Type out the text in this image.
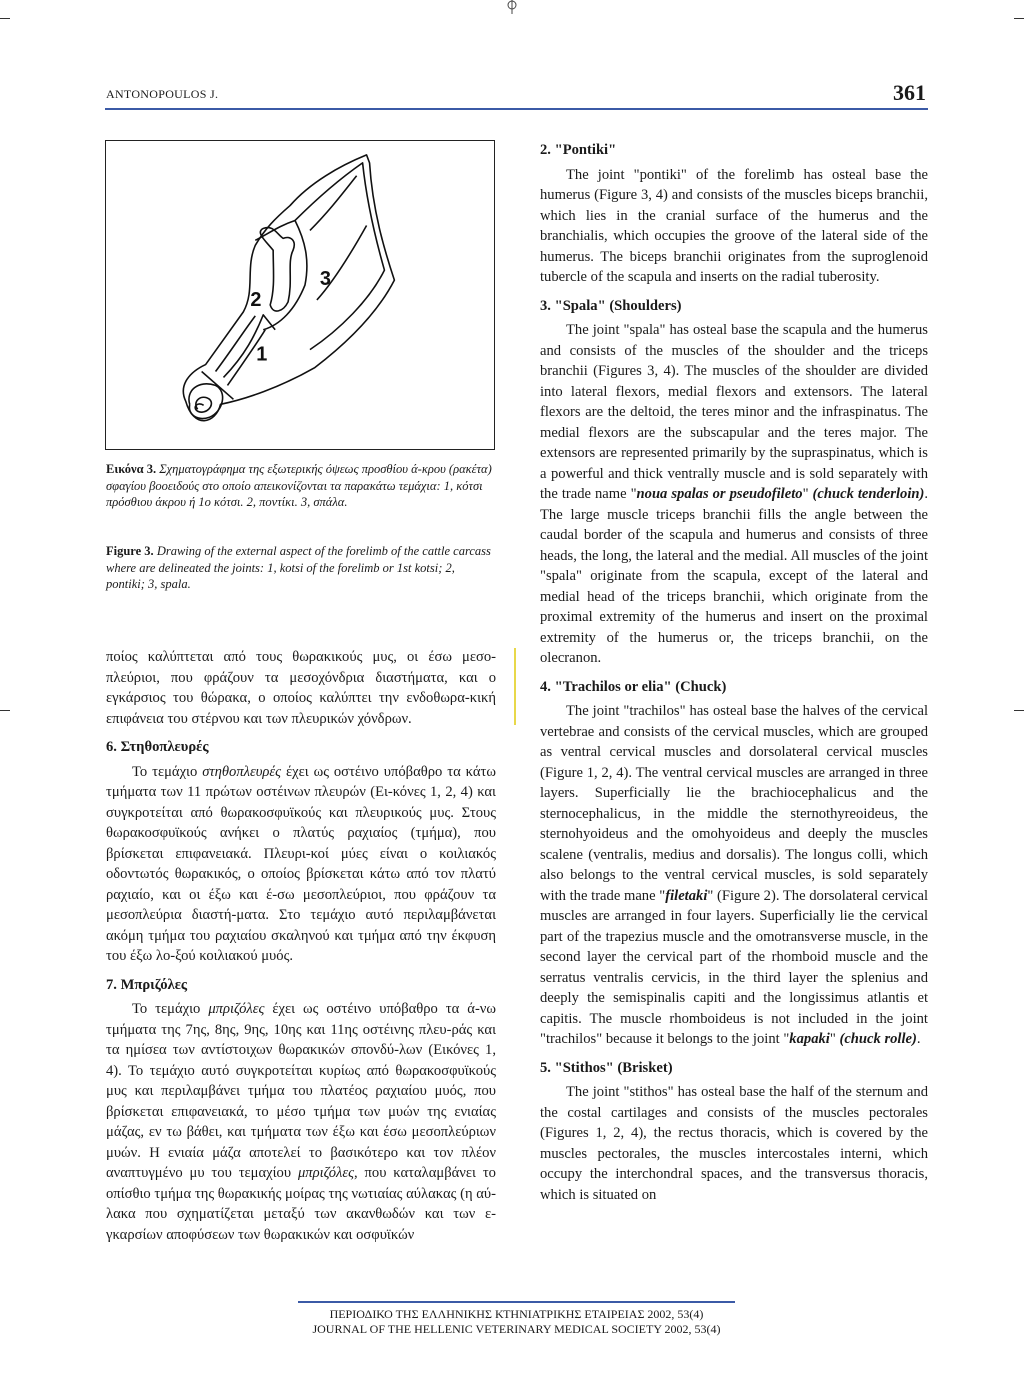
ANTONOPOULOS J.	361
1
2
3
Εικόνα 3. Σχηματογράφημα της εξωτερικής όψεως προσθίου ά-κρου (ρακέτα) σφαγίου βοοειδούς στο οποίο απεικονίζονται τα παρακάτω τεμάχια: 1, κότσι πρόσθιου άκρου ή 1ο κότσι. 2, ποντίκι. 3, σπάλα.
Figure 3. Drawing of the external aspect of the forelimb of the cattle carcass where are delineated the joints: 1, kotsi of the forelimb or 1st kotsi; 2, pontiki; 3, spala.

ποίος καλύπτεται από τους θωρακικούς μυς, οι έσω μεσο-πλεύριοι, που φράζουν τα μεσοχόνδρια διαστήματα, και ο εγκάρσιος του θώρακα, ο οποίος καλύπτει την ενδοθωρα-κική επιφάνεια του στέρνου και των πλευρικών χόνδρων.

6. Στηθοπλευρές

Το τεμάχιο στηθοπλευρές έχει ως οστέινο υπόβαθρο τα κάτω τμήματα των 11 πρώτων οστέινων πλευρών (Ει-κόνες 1, 2, 4) και συγκροτείται από θωρακοσφυϊκούς και πλευρικούς μυς. Στους θωρακοσφυϊκούς ανήκει ο πλατύς ραχιαίος (τμήμα), που βρίσκεται επιφανειακά. Πλευρι-κοί μύες είναι ο κοιλιακός οδοντωτός θωρακικός, ο οποίος βρίσκεται κάτω από τον πλατύ ραχιαίο, και οι έξω και έ-σω μεσοπλεύριοι, που φράζουν τα μεσοπλεύρια διαστή-ματα. Στο τεμάχιο αυτό περιλαμβάνεται ακόμη τμήμα του ραχιαίου σκαληνού και τμήμα από την έκφυση του έξω λο-ξού κοιλιακού μυός.

7. Μπριζόλες

Το τεμάχιο μπριζόλες έχει ως οστέινο υπόβαθρο τα ά-νω τμήματα της 7ης, 8ης, 9ης, 10ης και 11ης οστέινης πλευ-ράς και τα ημίσεα των αντίστοιχων θωρακικών σπονδύ-λων (Εικόνες 1, 4). Το τεμάχιο αυτό συγκροτείται κυρίως από θωρακοσφυϊκούς μυς και περιλαμβάνει τμήμα του πλατέος ραχιαίου μυός, που βρίσκεται επιφανειακά, το μέσο τμήμα των μυών της ενιαίας μάζας, εν τω βάθει, και τμήματα των έξω και έσω μεσοπλεύριων μυών. Η ενιαία μάζα αποτελεί το βασικότερο και τον πλέον αναπτυγμένο μυ του τεμαχίου μπριζόλες, που καταλαμβάνει το οπίσθιο τμήμα της θωρακικής μοίρας της νωτιαίας αύλακας (η αύ-λακα που σχηματίζεται μεταξύ των ακανθωδών και των ε-γκαρσίων αποφύσεων των θωρακικών και οσφυϊκών

2. "Pontiki"

The joint "pontiki" of the forelimb has osteal base the humerus (Figure 3, 4) and consists of the muscles biceps branchii, which lies in the cranial surface of the humerus and the branchialis, which occupies the groove of the lateral side of the humerus. The biceps branchii originates from the suproglenoid tubercle of the scapula and inserts on the radial tuberosity.

3. "Spala" (Shoulders)

The joint "spala" has osteal base the scapula and the humerus and consists of the muscles of the shoulder and the triceps branchii (Figures 3, 4). The muscles of the shoulder are divided into lateral flexors, medial flexors and extensors. The lateral flexors are the deltoid, the teres minor and the infraspinatus. The medial flexors are the subscapular and the teres major. The extensors are represented primarily by the supraspinatus, which is a powerful and thick ventrally muscle and is sold separately with the trade name "noua spalas or pseudofileto" (chuck tenderloin). The large muscle triceps branchii fills the angle between the caudal border of the scapula and humerus and consists of three heads, the long, the lateral and the medial. All muscles of the joint "spala" originate from the scapula, except of the lateral and medial head of the triceps branchii, which originate from the proximal extremity of the humerus and insert on the proximal extremity of the humerus or, the triceps branchii, on the olecranon.

4. "Trachilos or elia" (Chuck)

The joint "trachilos" has osteal base the halves of the cervical vertebrae and consists of the cervical muscles, which are grouped as ventral cervical muscles and dorsolateral cervical muscles (Figure 1, 2, 4). The ventral cervical muscles are arranged in three layers. Superficially lie the brachiocephalicus and the sternocephalicus, in the middle the sternothyreoideus, the sternohyoideus and the omohyoideus and deeply the muscles scalene (ventralis, medius and dorsalis). The longus colli, which also belongs to the ventral cervical muscles, is sold separately with the trade mane "filetaki" (Figure 2). The dorsolateral cervical muscles are arranged in four layers. Superficially lie the cervical part of the trapezius muscle and the omotransverse muscle, in the second layer the cervical part of the rhomboid muscle and the serratus ventralis cervicis, in the third layer the splenius and deeply the semispinalis capiti and the longissimus atlantis et capitis. The muscle rhomboideus is not included in the joint "trachilos" because it belongs to the joint "kapaki" (chuck rolle).

5. "Stithos" (Brisket)

The joint "stithos" has osteal base the half of the sternum and the costal cartilages and consists of the muscles pectorales (Figures 1, 2, 4), the rectus thoracis, which is covered by the muscles pectorales, the muscles intercostales interni, which occupy the interchondral spaces, and the transversus thoracis, which is situated on

ΠΕΡΙΟΔΙΚΟ ΤΗΣ ΕΛΛΗΝΙΚΗΣ ΚΤΗΝΙΑΤΡΙΚΗΣ ΕΤΑΙΡΕΙΑΣ 2002, 53(4)
JOURNAL OF THE HELLENIC VETERINARY MEDICAL SOCIETY 2002, 53(4)
